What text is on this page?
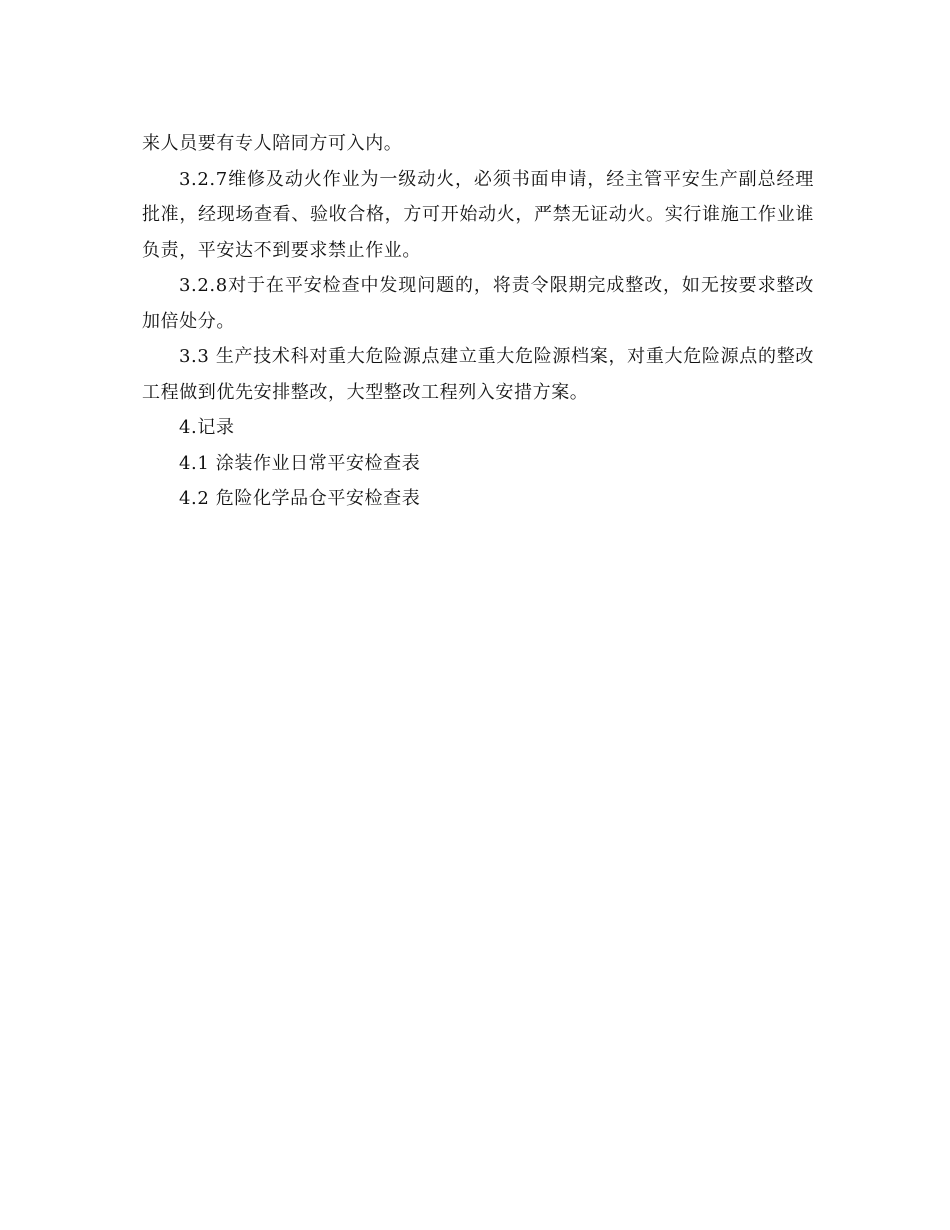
来人员要有专人陪同方可入内。

3.2.7维修及动火作业为一级动火，必须书面申请，经主管平安生产副总经理批准，经现场查看、验收合格，方可开始动火，严禁无证动火。实行谁施工作业谁负责，平安达不到要求禁止作业。

3.2.8对于在平安检查中发现问题的，将责令限期完成整改，如无按要求整改加倍处分。

3.3 生产技术科对重大危险源点建立重大危险源档案，对重大危险源点的整改工程做到优先安排整改，大型整改工程列入安措方案。

4.记录

4.1 涂装作业日常平安检查表

4.2 危险化学品仓平安检查表
